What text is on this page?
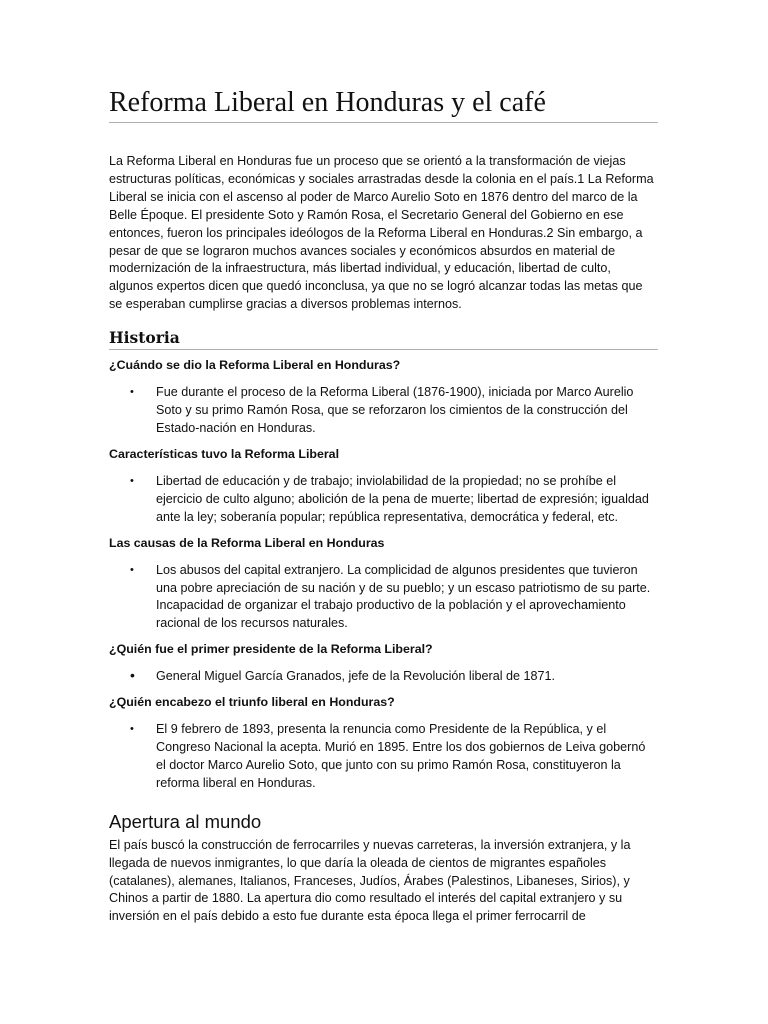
Reforma Liberal en Honduras y el café

La Reforma Liberal en Honduras fue un proceso que se orientó a la transformación de viejas estructuras políticas, económicas y sociales arrastradas desde la colonia en el país.1 La Reforma Liberal se inicia con el ascenso al poder de Marco Aurelio Soto en 1876 dentro del marco de la Belle Époque. El presidente Soto y Ramón Rosa, el Secretario General del Gobierno en ese entonces, fueron los principales ideólogos de la Reforma Liberal en Honduras.2 Sin embargo, a pesar de que se lograron muchos avances sociales y económicos absurdos en material de modernización de la infraestructura, más libertad individual, y educación, libertad de culto, algunos expertos dicen que quedó inconclusa, ya que no se logró alcanzar todas las metas que se esperaban cumplirse gracias a diversos problemas internos.

Historia

¿Cuándo se dio la Reforma Liberal en Honduras?

• Fue durante el proceso de la Reforma Liberal (1876-1900), iniciada por Marco Aurelio Soto y su primo Ramón Rosa, que se reforzaron los cimientos de la construcción del Estado-nación en Honduras.

Características tuvo la Reforma Liberal

• Libertad de educación y de trabajo; inviolabilidad de la propiedad; no se prohíbe el ejercicio de culto alguno; abolición de la pena de muerte; libertad de expresión; igualdad ante la ley; soberanía popular; república representativa, democrática y federal, etc.

Las causas de la Reforma Liberal en Honduras

• Los abusos del capital extranjero. La complicidad de algunos presidentes que tuvieron una pobre apreciación de su nación y de su pueblo; y un escaso patriotismo de su parte. Incapacidad de organizar el trabajo productivo de la población y el aprovechamiento racional de los recursos naturales.

¿Quién fue el primer presidente de la Reforma Liberal?

• General Miguel García Granados, jefe de la Revolución liberal de 1871.

¿Quién encabezo el triunfo liberal en Honduras?

• El 9 febrero de 1893, presenta la renuncia como Presidente de la República, y el Congreso Nacional la acepta. Murió en 1895. Entre los dos gobiernos de Leiva gobernó el doctor Marco Aurelio Soto, que junto con su primo Ramón Rosa, constituyeron la reforma liberal en Honduras.
Apertura al mundo

El país buscó la construcción de ferrocarriles y nuevas carreteras, la inversión extranjera, y la llegada de nuevos inmigrantes, lo que daría la oleada de cientos de migrantes españoles (catalanes), alemanes, Italianos, Franceses, Judíos, Árabes (Palestinos, Libaneses, Sirios), y Chinos a partir de 1880. La apertura dio como resultado el interés del capital extranjero y su inversión en el país debido a esto fue durante esta época llega el primer ferrocarril de
